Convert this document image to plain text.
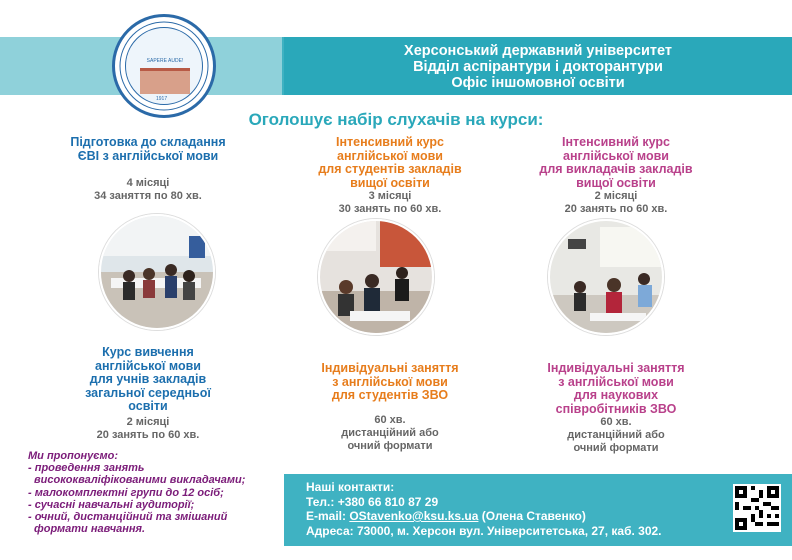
Херсонський державний університет
Відділ аспірантури і докторантури
Офіс іншомовної освіти
SAPERE AUDE!
1917
Оголошує набір слухачів на курси:
Підготовка до складання
ЄВІ з англійської мови
4 місяці
34 заняття по 80 хв.
Інтенсивний курс
англійської мови
для студентів закладів
вищої освіти
3 місяці
30 занять по 60 хв.
Інтенсивний курс
англійської мови
для викладачів закладів
вищої освіти
2 місяці
20 занять по 60 хв.
Курс вивчення
англійської мови
для учнів закладів
загальної середньої
освіти
2 місяці
20 занять по 60 хв.
Індивідуальні заняття
з англійської мови
для студентів ЗВО
60 хв.
дистанційний або
очний формати
Індивідуальні заняття
з англійської мови
для наукових
співробітників ЗВО
60 хв.
дистанційний або
очний формати
Ми пропонуємо:
- проведення занять
висококваліфікованими викладачами;
- малокомплектні групи до 12 осіб;
- сучасні навчальні аудиторії;
- очний, дистанційний та змішаний
формати навчання.
Наші контакти:
Тел.: +380 66 810 87 29
E-mail: OStavenko@ksu.ks.ua (Олена Ставенко)
Адреса: 73000, м. Херсон вул. Університетська, 27, каб. 302.
